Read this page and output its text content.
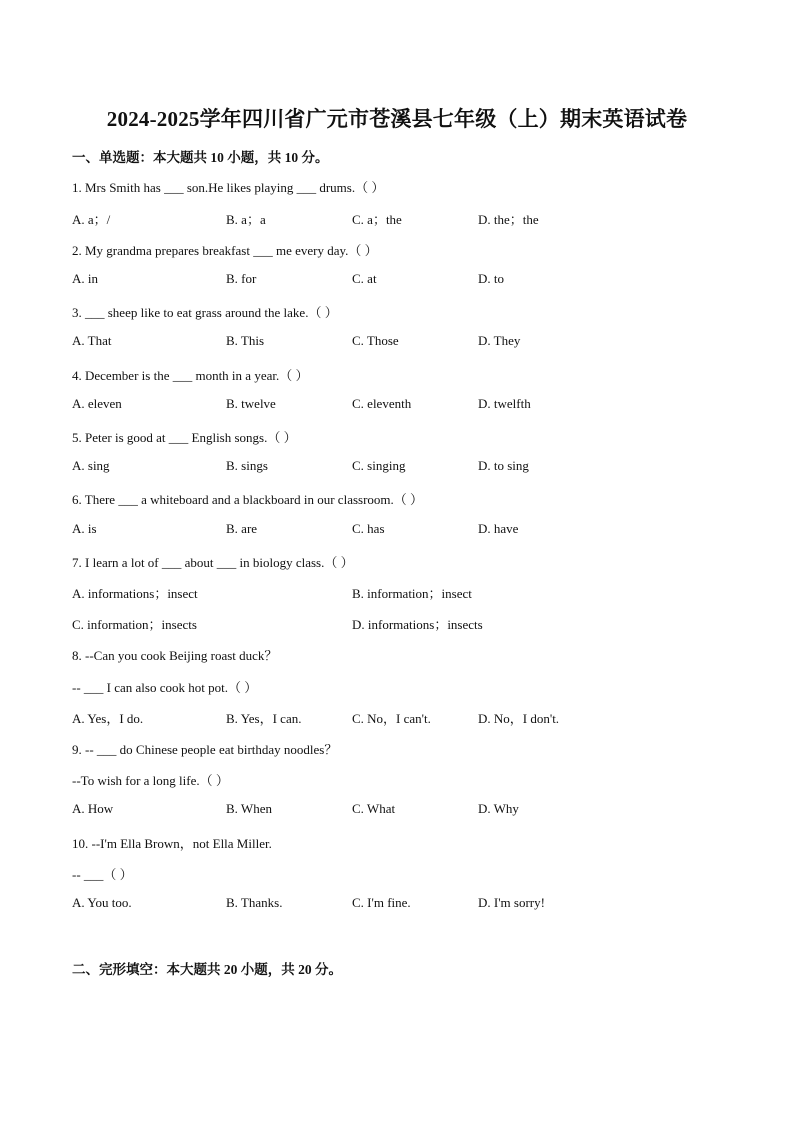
2024-2025学年四川省广元市苍溪县七年级（上）期末英语试卷
一、单选题：本大题共 10 小题，共 10 分。
1. Mrs Smith has ___ son.He likes playing ___ drums.（ ）
A. a；/	B. a；a	C. a；the	D. the；the
2. My grandma prepares breakfast ___ me every day.（ ）
A. in	B. for	C. at	D. to
3. ___ sheep like to eat grass around the lake.（ ）
A. That	B. This	C. Those	D. They
4. December is the ___ month in a year.（ ）
A. eleven	B. twelve	C. eleventh	D. twelfth
5. Peter is good at ___ English songs.（ ）
A. sing	B. sings	C. singing	D. to sing
6. There ___ a whiteboard and a blackboard in our classroom.（ ）
A. is	B. are	C. has	D. have
7. I learn a lot of ___ about ___ in biology class.（ ）
A. informations；insect	B. information；insect
C. information；insects	D. informations；insects
8. --Can you cook Beijing roast duck？
-- ___ I can also cook hot pot.（ ）
A. Yes，I do.	B. Yes，I can.	C. No，I can't.	D. No，I don't.
9. -- ___ do Chinese people eat birthday noodles？
--To wish for a long life.（ ）
A. How	B. When	C. What	D. Why
10. --I'm Ella Brown，not Ella Miller.
-- ___（ ）
A. You too.	B. Thanks.	C. I'm fine.	D. I'm sorry!
二、完形填空：本大题共 20 小题，共 20 分。
